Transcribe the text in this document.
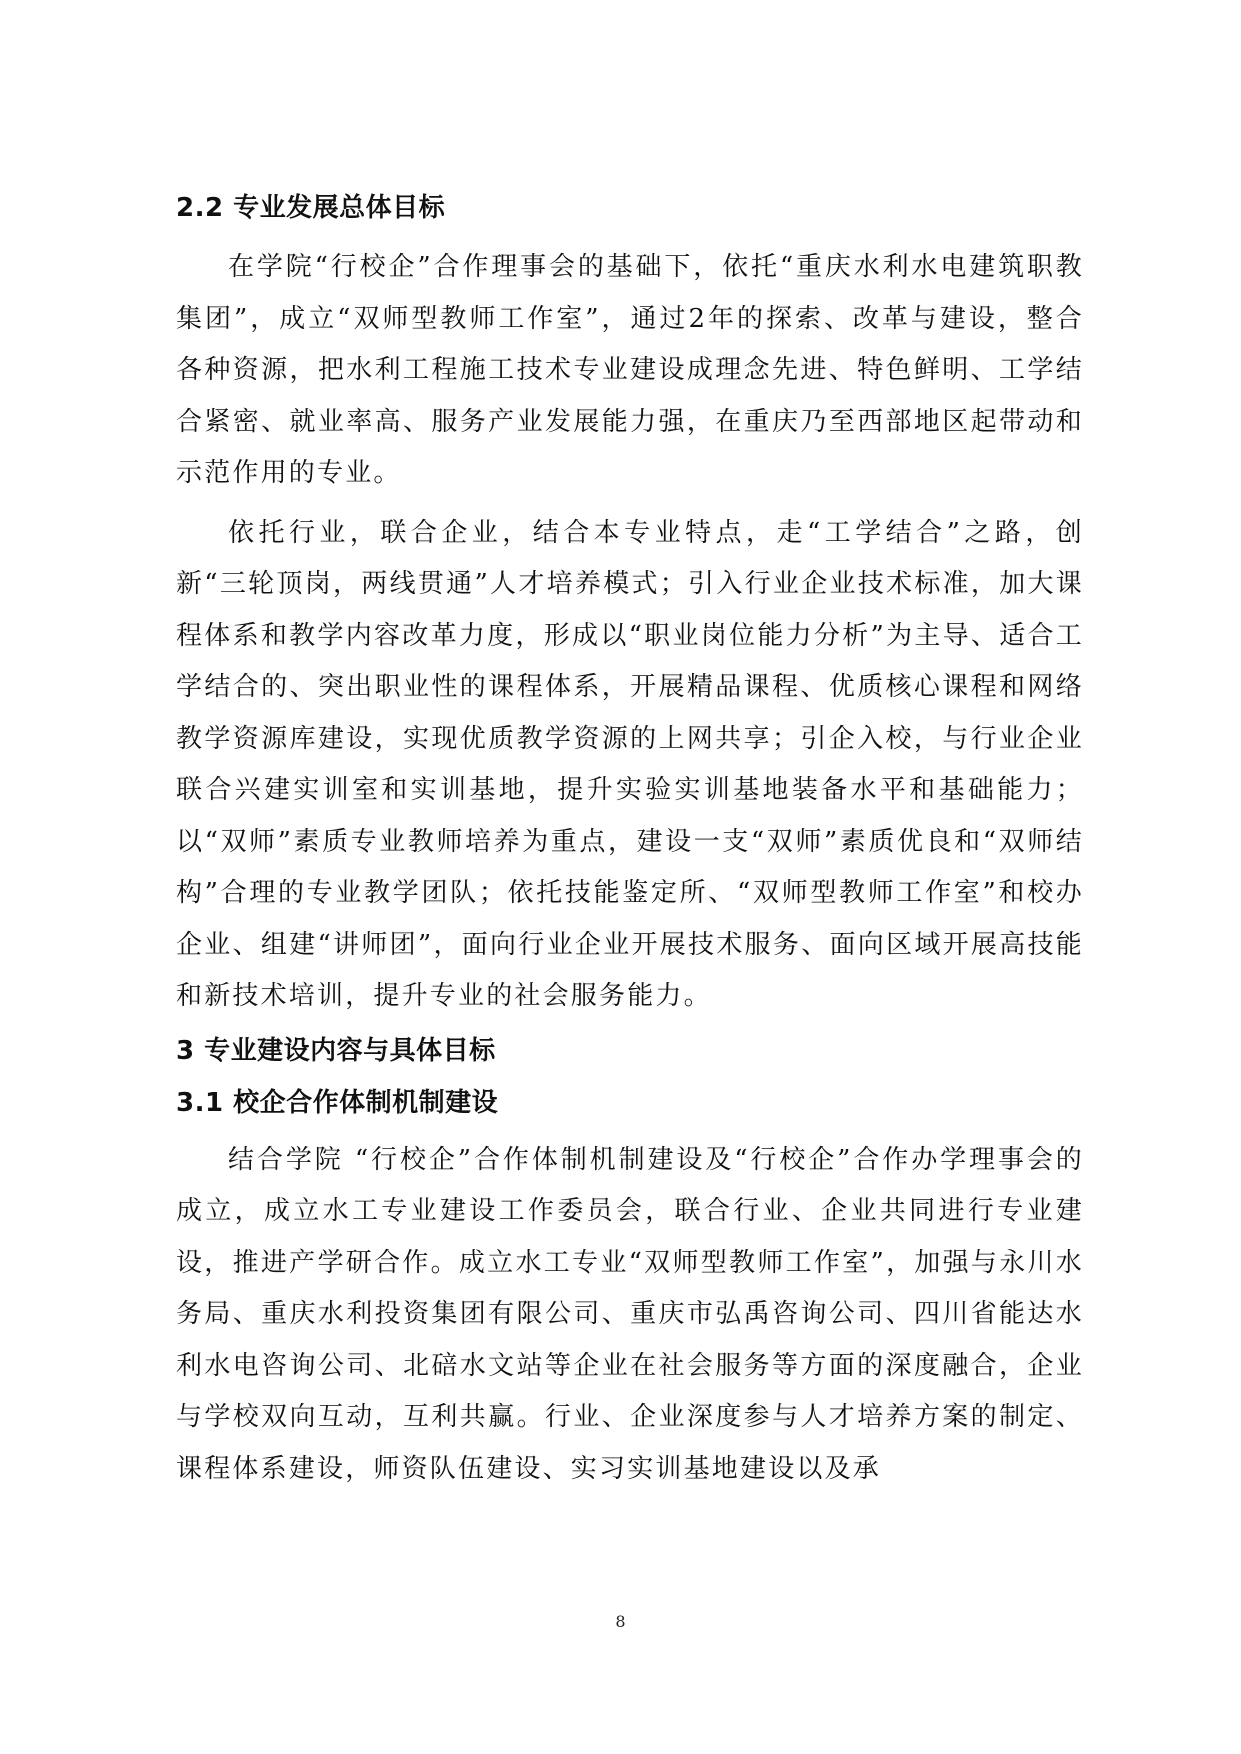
2.2 专业发展总体目标

在学院“行校企”合作理事会的基础下，依托“重庆水利水电建筑职教集团”，成立“双师型教师工作室”，通过2年的探索、改革与建设，整合各种资源，把水利工程施工技术专业建设成理念先进、特色鲜明、工学结合紧密、就业率高、服务产业发展能力强，在重庆乃至西部地区起带动和示范作用的专业。

依托行业，联合企业，结合本专业特点，走“工学结合”之路，创新“三轮顶岗，两线贯通”人才培养模式；引入行业企业技术标准，加大课程体系和教学内容改革力度，形成以“职业岗位能力分析”为主导、适合工学结合的、突出职业性的课程体系，开展精品课程、优质核心课程和网络教学资源库建设，实现优质教学资源的上网共享；引企入校，与行业企业联合兴建实训室和实训基地，提升实验实训基地装备水平和基础能力；以“双师”素质专业教师培养为重点，建设一支“双师”素质优良和“双师结构”合理的专业教学团队；依托技能鉴定所、“双师型教师工作室”和校办企业、组建“讲师团”，面向行业企业开展技术服务、面向区域开展高技能和新技术培训，提升专业的社会服务能力。

3 专业建设内容与具体目标
3.1 校企合作体制机制建设

结合学院 “行校企”合作体制机制建设及“行校企”合作办学理事会的成立，成立水工专业建设工作委员会，联合行业、企业共同进行专业建设，推进产学研合作。成立水工专业“双师型教师工作室”，加强与永川水务局、重庆水利投资集团有限公司、重庆市弘禹咨询公司、四川省能达水利水电咨询公司、北碚水文站等企业在社会服务等方面的深度融合，企业与学校双向互动，互利共赢。行业、企业深度参与人才培养方案的制定、课程体系建设，师资队伍建设、实习实训基地建设以及承

8
